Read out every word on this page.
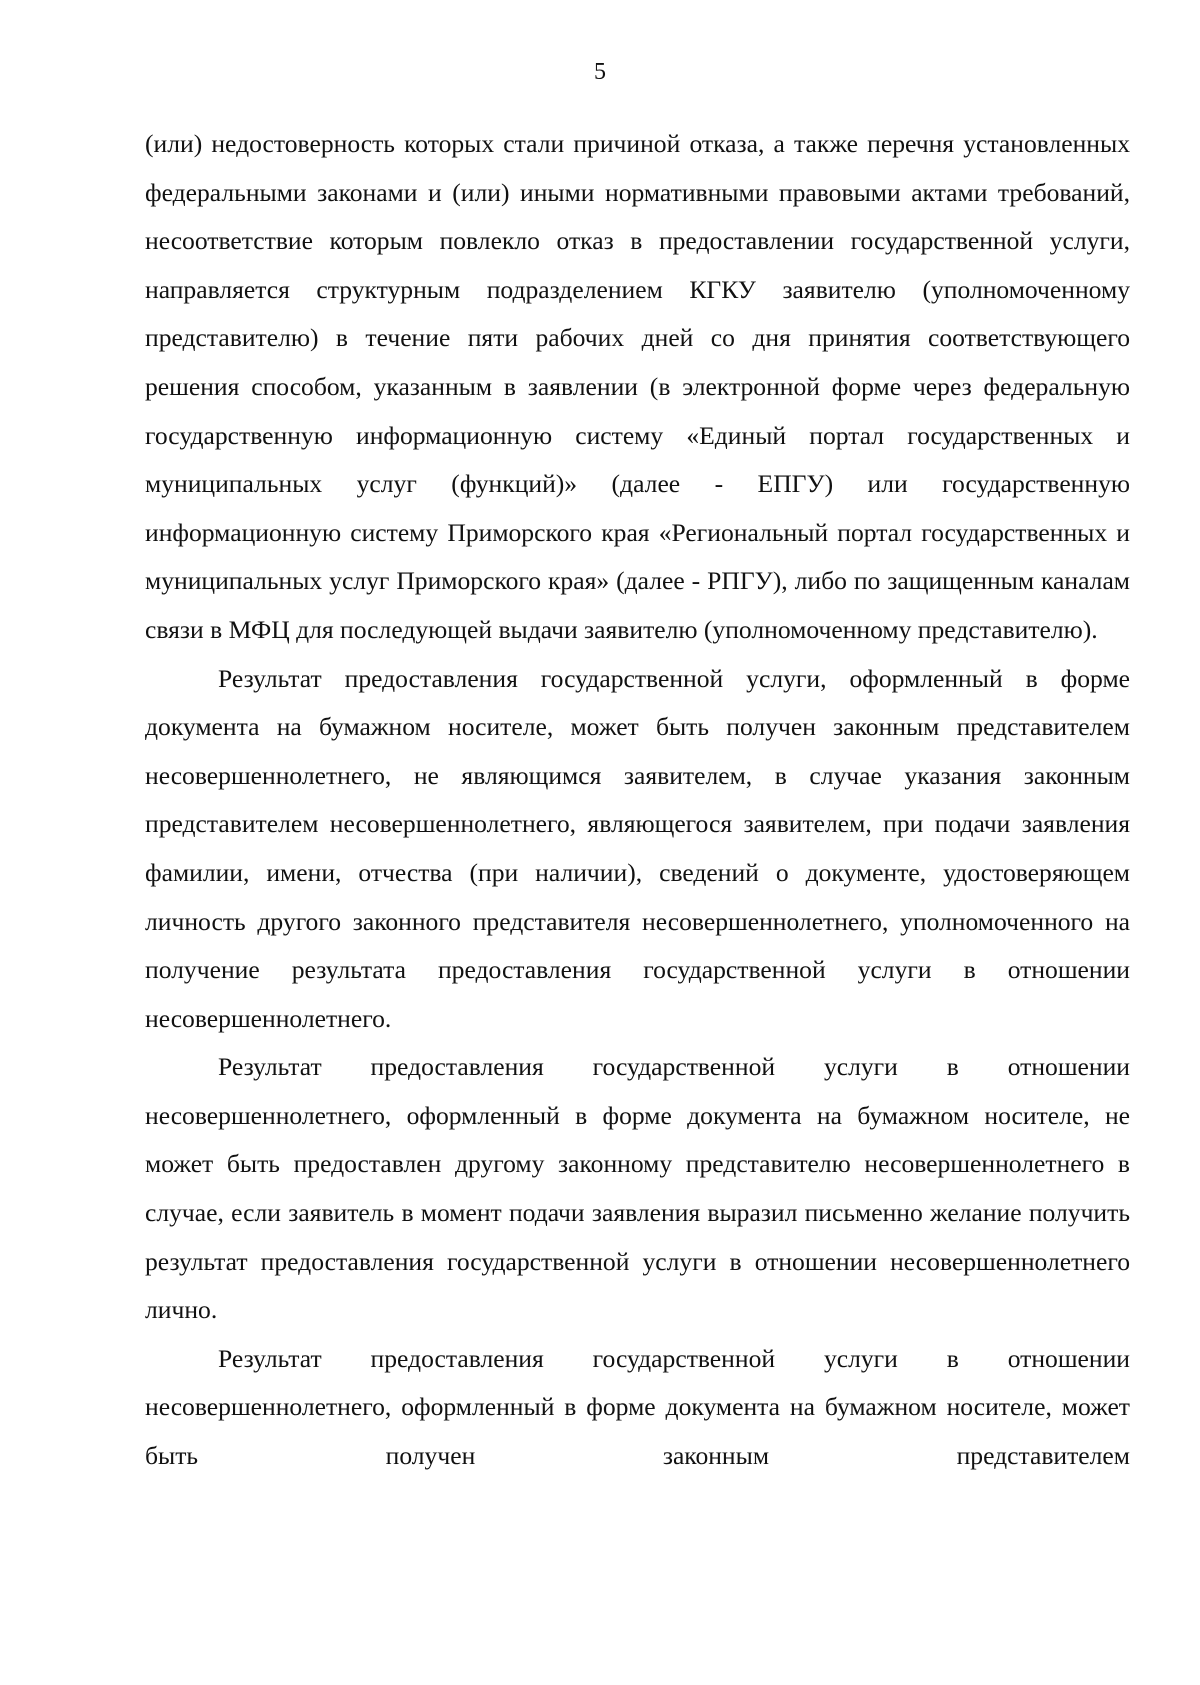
5

(или) недостоверность которых стали причиной отказа, а также перечня установленных федеральными законами и (или) иными нормативными правовыми актами требований, несоответствие которым повлекло отказ в предоставлении государственной услуги, направляется структурным подразделением КГКУ заявителю (уполномоченному представителю) в течение пяти рабочих дней со дня принятия соответствующего решения способом, указанным в заявлении (в электронной форме через федеральную государственную информационную систему «Единый портал государственных и муниципальных услуг (функций)» (далее - ЕПГУ) или государственную информационную систему Приморского края «Региональный портал государственных и муниципальных услуг Приморского края» (далее - РПГУ), либо по защищенным каналам связи в МФЦ для последующей выдачи заявителю (уполномоченному представителю).

Результат предоставления государственной услуги, оформленный в форме документа на бумажном носителе, может быть получен законным представителем несовершеннолетнего, не являющимся заявителем, в случае указания законным представителем несовершеннолетнего, являющегося заявителем, при подачи заявления фамилии, имени, отчества (при наличии), сведений о документе, удостоверяющем личность другого законного представителя несовершеннолетнего, уполномоченного на получение результата предоставления государственной услуги в отношении несовершеннолетнего.

Результат предоставления государственной услуги в отношении несовершеннолетнего, оформленный в форме документа на бумажном носителе, не может быть предоставлен другому законному представителю несовершеннолетнего в случае, если заявитель в момент подачи заявления выразил письменно желание получить результат предоставления государственной услуги в отношении несовершеннолетнего лично.

Результат предоставления государственной услуги в отношении несовершеннолетнего, оформленный в форме документа на бумажном носителе, может быть получен законным представителем
